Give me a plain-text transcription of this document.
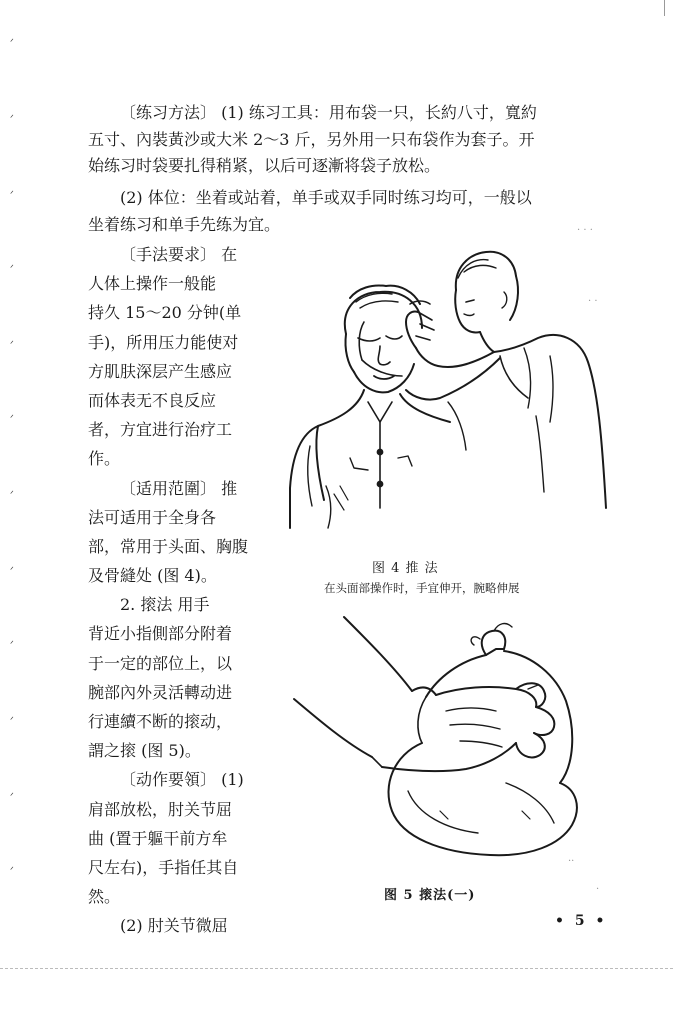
ᐟ
ᐟ
ᐟ
ᐟ
ᐟ
ᐟ
ᐟ
ᐟ
ᐟ
ᐟ
ᐟ
ᐟ
〔练习方法〕 (1) 练习工具：用布袋一只，长約八寸，寬約
五寸、內裝黃沙或大米 2～3 斤，另外用一只布袋作为套子。开
始练习时袋要扎得稍紧，以后可逐漸将袋子放松。
(2) 体位：坐着或站着，单手或双手同时练习均可，一般以
坐着练习和单手先练为宜。
〔手法要求〕 在
人体上操作一般能
持久 15～20 分钟(单
手)，所用压力能使对
方肌肤深层产生感应
而体表无不良反应
者，方宜进行治疗工
作。
〔适用范圍〕 推
法可适用于全身各
部，常用于头面、胸腹
及骨縫处 (图 4)。
2. 㨰法 用手
背近小指側部分附着
于一定的部位上，以
腕部內外灵活轉动进
行連續不断的㨰动，
謂之㨰 (图 5)。
〔动作要領〕 (1)
肩部放松，肘关节屈
曲 (置于軀干前方牟
尺左右)，手指任其自
然。
(2) 肘关节微屈
图 4 推 法
在头面部操作时，手宜伸开，腕略伸展
图 5 㨰法(一)
· · ·
· ·
··
·
• 5 •
